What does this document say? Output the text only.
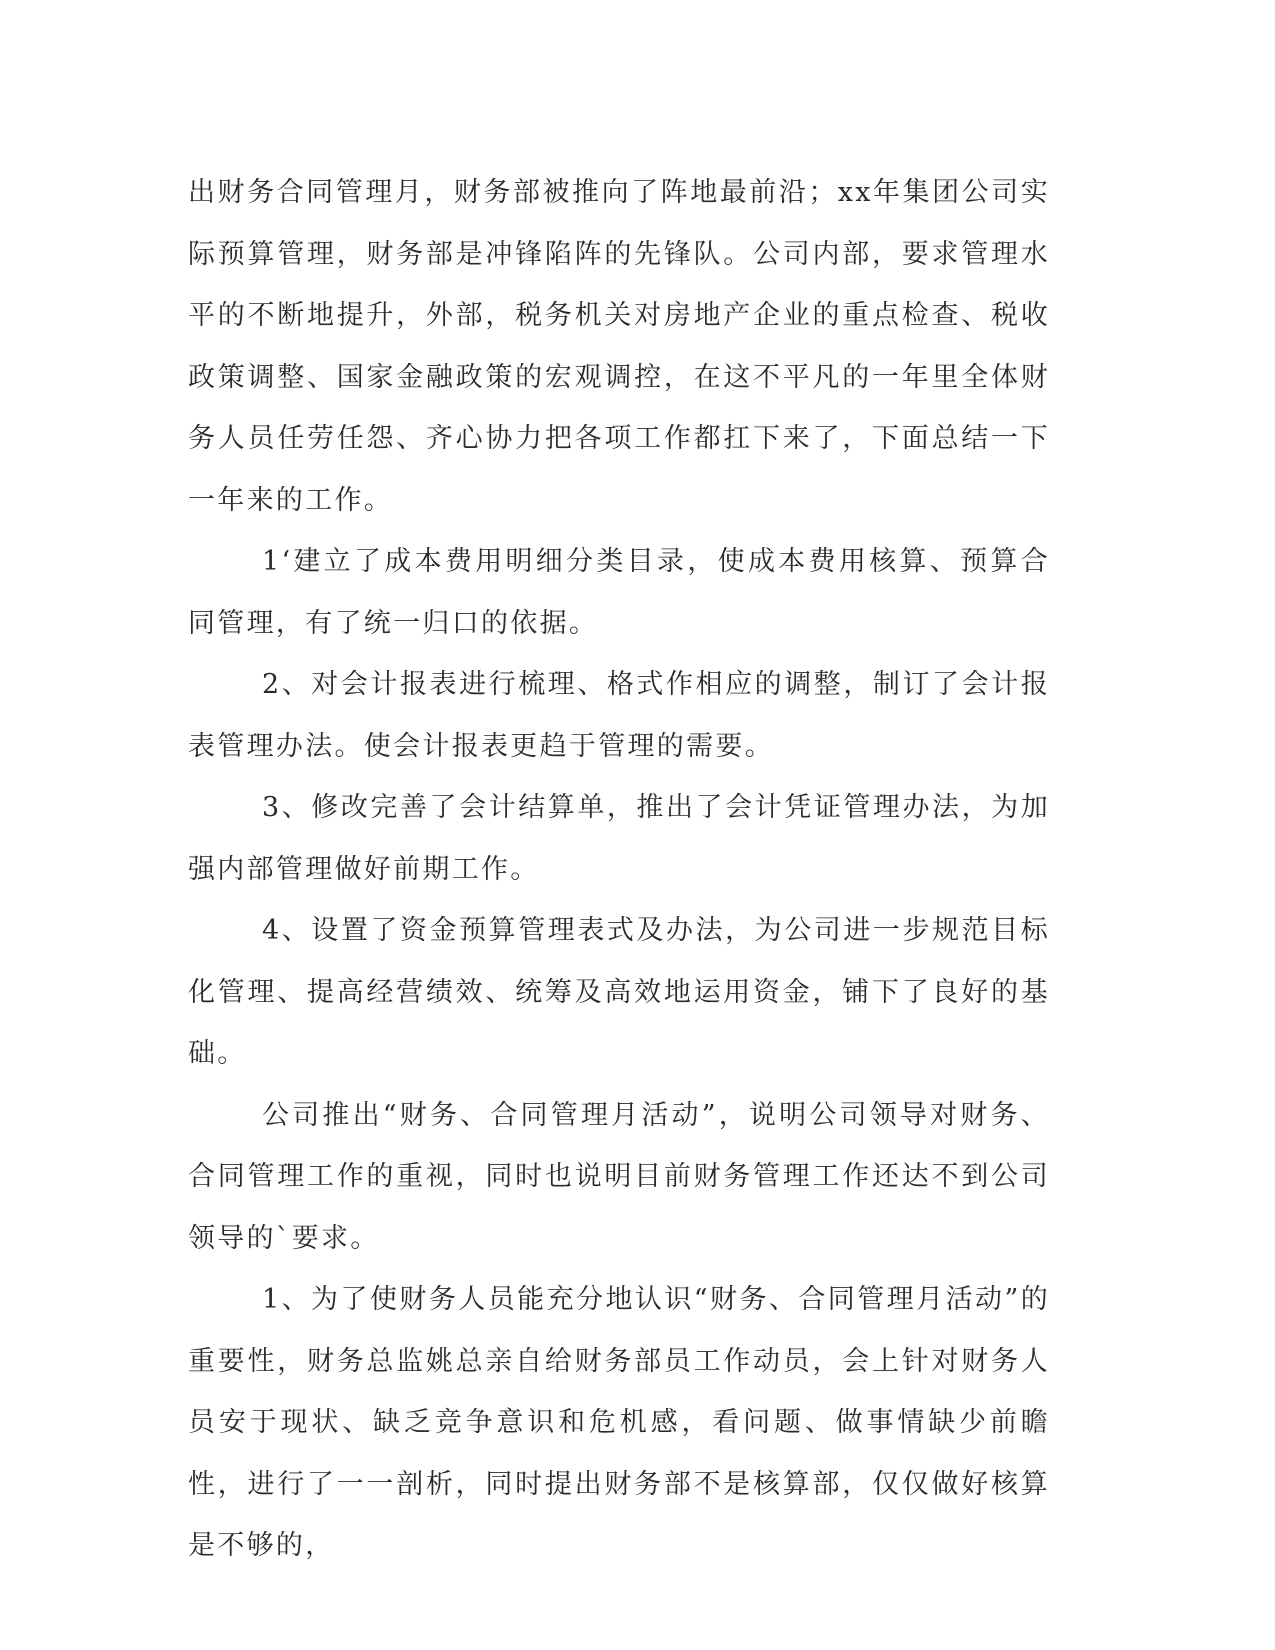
出财务合同管理月，财务部被推向了阵地最前沿；xx年集团公司实际预算管理，财务部是冲锋陷阵的先锋队。公司内部，要求管理水平的不断地提升，外部，税务机关对房地产企业的重点检查、税收政策调整、国家金融政策的宏观调控，在这不平凡的一年里全体财务人员任劳任怨、齐心协力把各项工作都扛下来了，下面总结一下一年来的工作。

1‘建立了成本费用明细分类目录，使成本费用核算、预算合同管理，有了统一归口的依据。

2、对会计报表进行梳理、格式作相应的调整，制订了会计报表管理办法。使会计报表更趋于管理的需要。

3、修改完善了会计结算单，推出了会计凭证管理办法，为加强内部管理做好前期工作。

4、设置了资金预算管理表式及办法，为公司进一步规范目标化管理、提高经营绩效、统筹及高效地运用资金，铺下了良好的基础。

公司推出“财务、合同管理月活动”，说明公司领导对财务、合同管理工作的重视，同时也说明目前财务管理工作还达不到公司领导的`要求。

1、为了使财务人员能充分地认识“财务、合同管理月活动”的重要性，财务总监姚总亲自给财务部员工作动员，会上针对财务人员安于现状、缺乏竞争意识和危机感，看问题、做事情缺少前瞻性，进行了一一剖析，同时提出财务部不是核算部，仅仅做好核算是不够的，
